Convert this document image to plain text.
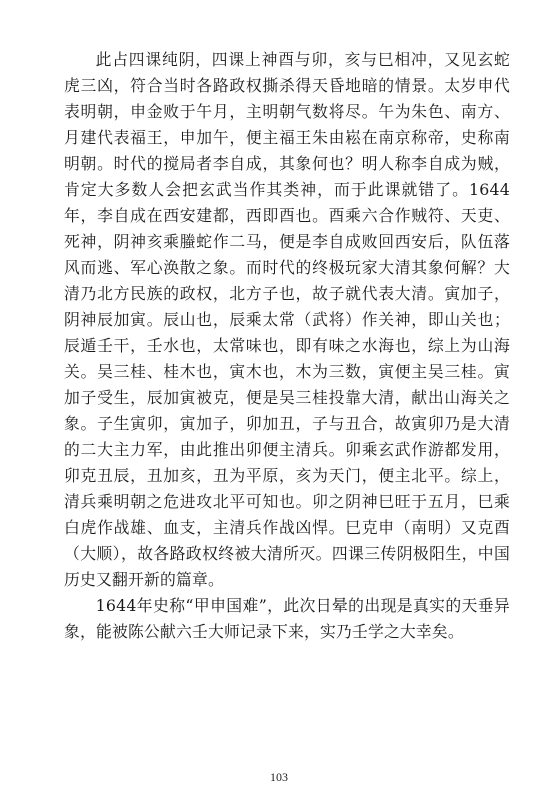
此占四课纯阴，四课上神酉与卯，亥与巳相冲，又见玄蛇虎三凶，符合当时各路政权撕杀得天昏地暗的情景。太岁申代表明朝，申金败于午月，主明朝气数将尽。午为朱色、南方、月建代表福王，申加午，便主福王朱由崧在南京称帝，史称南明朝。时代的搅局者李自成，其象何也？明人称李自成为贼，肯定大多数人会把玄武当作其类神，而于此课就错了。1644年，李自成在西安建都，西即酉也。酉乘六合作贼符、天吏、死神，阴神亥乘螣蛇作二马，便是李自成败回西安后，队伍落风而逃、军心涣散之象。而时代的终极玩家大清其象何解？大清乃北方民族的政权，北方子也，故子就代表大清。寅加子，阴神辰加寅。辰山也，辰乘太常（武将）作关神，即山关也；辰遁壬干，壬水也，太常味也，即有味之水海也，综上为山海关。吴三桂、桂木也，寅木也，木为三数，寅便主吴三桂。寅加子受生，辰加寅被克，便是吴三桂投靠大清，献出山海关之象。子生寅卯，寅加子，卯加丑，子与丑合，故寅卯乃是大清的二大主力军，由此推出卯便主清兵。卯乘玄武作游都发用，卯克丑辰，丑加亥，丑为平原，亥为天门，便主北平。综上，清兵乘明朝之危进攻北平可知也。卯之阴神巳旺于五月，巳乘白虎作战雄、血支，主清兵作战凶悍。巳克申（南明）又克酉（大顺），故各路政权终被大清所灭。四课三传阴极阳生，中国历史又翻开新的篇章。

1644年史称“甲申国难”，此次日晕的出现是真实的天垂异象，能被陈公献六壬大师记录下来，实乃壬学之大幸矣。

103
